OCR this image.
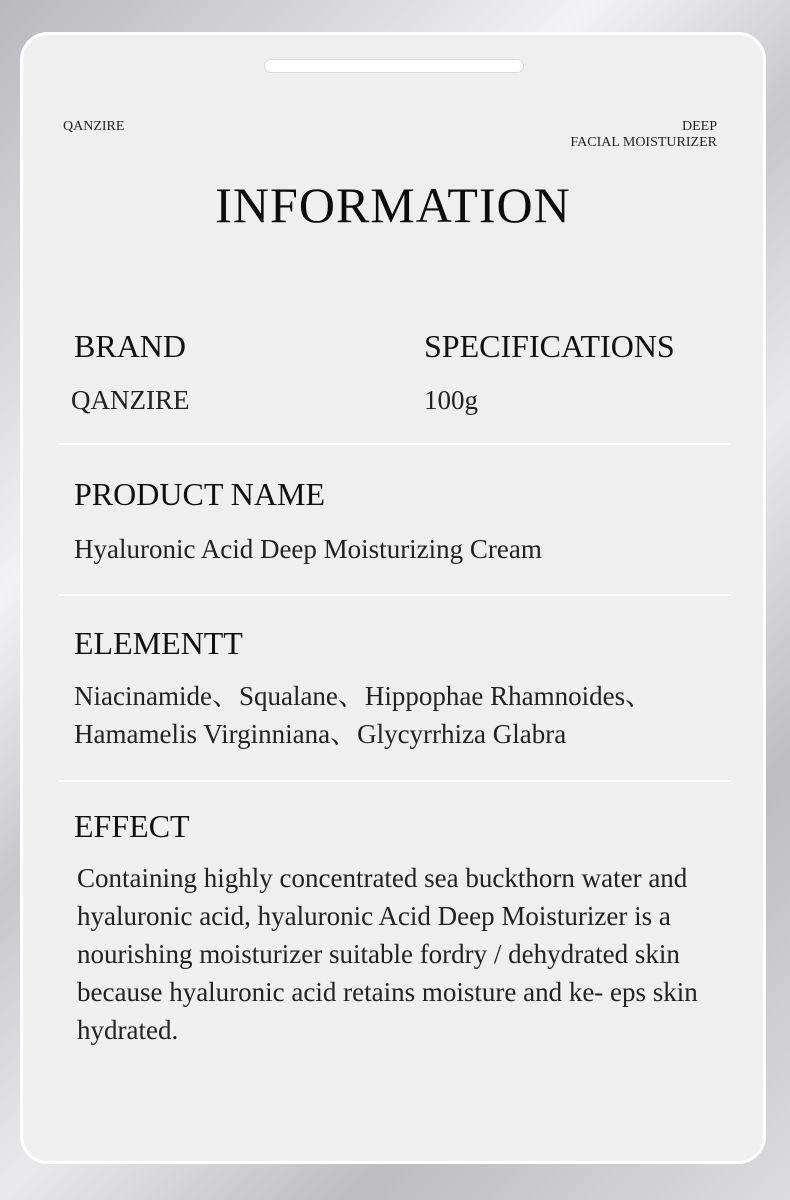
QANZIRE	DEEP
FACIAL MOISTURIZER
INFORMATION
BRAND
QANZIRE
SPECIFICATIONS
100g
PRODUCT NAME
Hyaluronic Acid Deep Moisturizing Cream
ELEMENTT
Niacinamide、Squalane、Hippophae Rhamnoides、
Hamamelis Virginniana、Glycyrrhiza Glabra
EFFECT
Containing highly concentrated sea buckthorn water and hyaluronic acid, hyaluronic Acid Deep Moisturizer is a nourishing moisturizer suitable fordry / dehydrated skin because hyaluronic acid retains moisture and ke- eps skin hydrated.
